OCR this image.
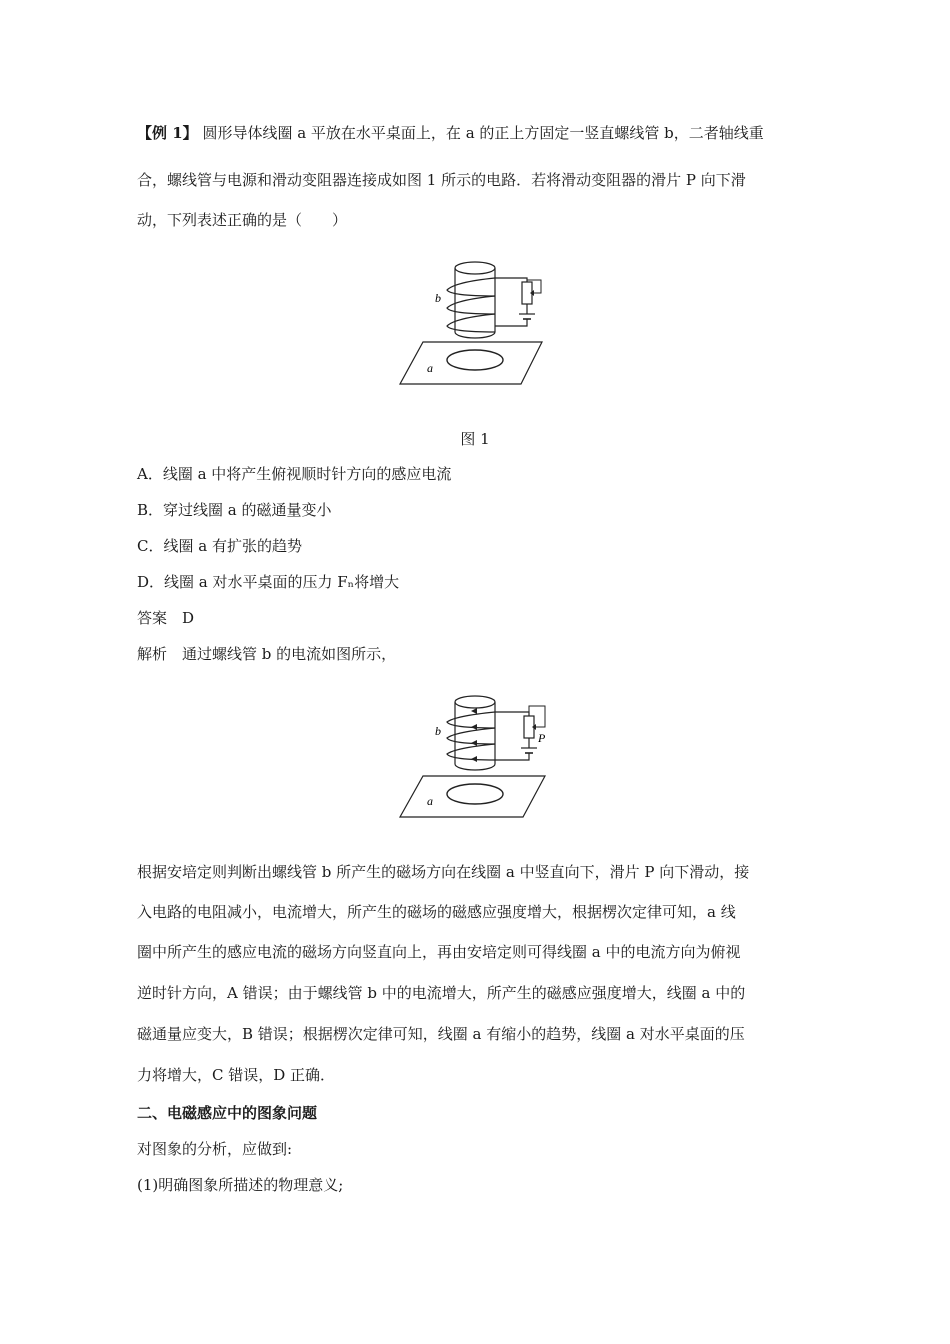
【例 1】 圆形导体线圈 a 平放在水平桌面上，在 a 的正上方固定一竖直螺线管 b，二者轴线重
合，螺线管与电源和滑动变阻器连接成如图 1 所示的电路．若将滑动变阻器的滑片 P 向下滑
动，下列表述正确的是（　　）
b
a
图 1
A．线圈 a 中将产生俯视顺时针方向的感应电流
B．穿过线圈 a 的磁通量变小
C．线圈 a 有扩张的趋势
D．线圈 a 对水平桌面的压力 Fₙ将增大
答案　D
解析　通过螺线管 b 的电流如图所示，
b
a
P
根据安培定则判断出螺线管 b 所产生的磁场方向在线圈 a 中竖直向下，滑片 P 向下滑动，接
入电路的电阻减小，电流增大，所产生的磁场的磁感应强度增大，根据楞次定律可知，a 线
圈中所产生的感应电流的磁场方向竖直向上，再由安培定则可得线圈 a 中的电流方向为俯视
逆时针方向，A 错误；由于螺线管 b 中的电流增大，所产生的磁感应强度增大，线圈 a 中的
磁通量应变大，B 错误；根据楞次定律可知，线圈 a 有缩小的趋势，线圈 a 对水平桌面的压
力将增大，C 错误，D 正确．
二、电磁感应中的图象问题
对图象的分析，应做到:
(1)明确图象所描述的物理意义;
